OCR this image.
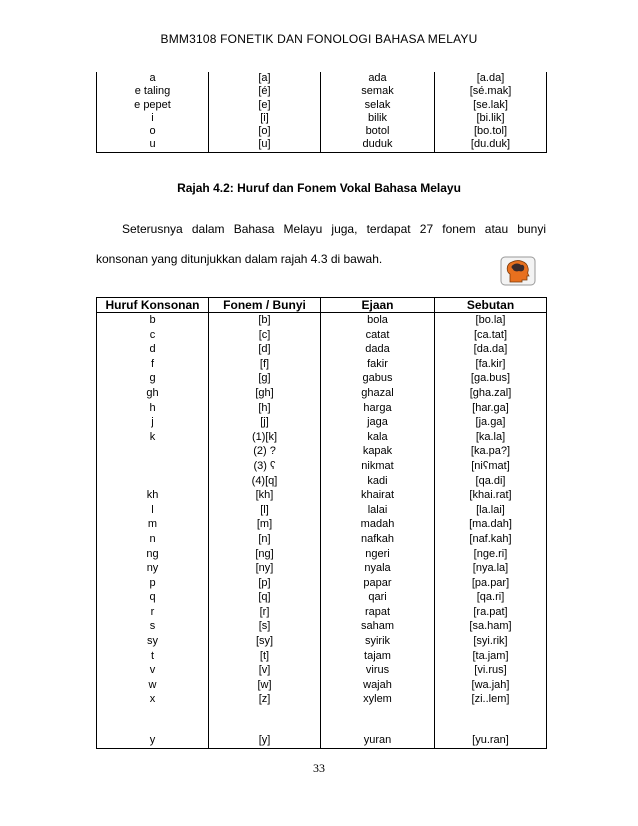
BMM3108 FONETIK DAN FONOLOGI BAHASA MELAYU
a	[a]	ada	[a.da]
e taling	[é]	semak	[sé.mak]
e pepet	[e]	selak	[se.lak]
i	[i]	bilik	[bi.lik]
o	[o]	botol	[bo.tol]
u	[u]	duduk	[du.duk]
Rajah 4.2: Huruf dan Fonem Vokal Bahasa Melayu
Seterusnya dalam Bahasa Melayu juga, terdapat 27 fonem atau bunyi
konsonan yang ditunjukkan dalam rajah 4.3 di bawah.
Huruf Konsonan	Fonem / Bunyi	Ejaan	Sebutan
b	[b]	bola	[bo.la]
c	[c]	catat	[ca.tat]
d	[d]	dada	[da.da]
f	[f]	fakir	[fa.kir]
g	[g]	gabus	[ga.bus]
gh	[gh]	ghazal	[gha.zal]
h	[h]	harga	[har.ga]
j	[j]	jaga	[ja.ga]
k	(1)[k]	kala	[ka.la]
	(2) ?	kapak	[ka.pa?]
	(3) ʕ	nikmat	[niʕmat]
	(4)[q]	kadi	[qa.di]
kh	[kh]	khairat	[khai.rat]
l	[l]	lalai	[la.lai]
m	[m]	madah	[ma.dah]
n	[n]	nafkah	[naf.kah]
ng	[ng]	ngeri	[nge.ri]
ny	[ny]	nyala	[nya.la]
p	[p]	papar	[pa.par]
q	[q]	qari	[qa.ri]
r	[r]	rapat	[ra.pat]
s	[s]	saham	[sa.ham]
sy	[sy]	syirik	[syi.rik]
t	[t]	tajam	[ta.jam]
v	[v]	virus	[vi.rus]
w	[w]	wajah	[wa.jah]
x	[z]	xylem	[zi..lem]

y	[y]	yuran	[yu.ran]
33
